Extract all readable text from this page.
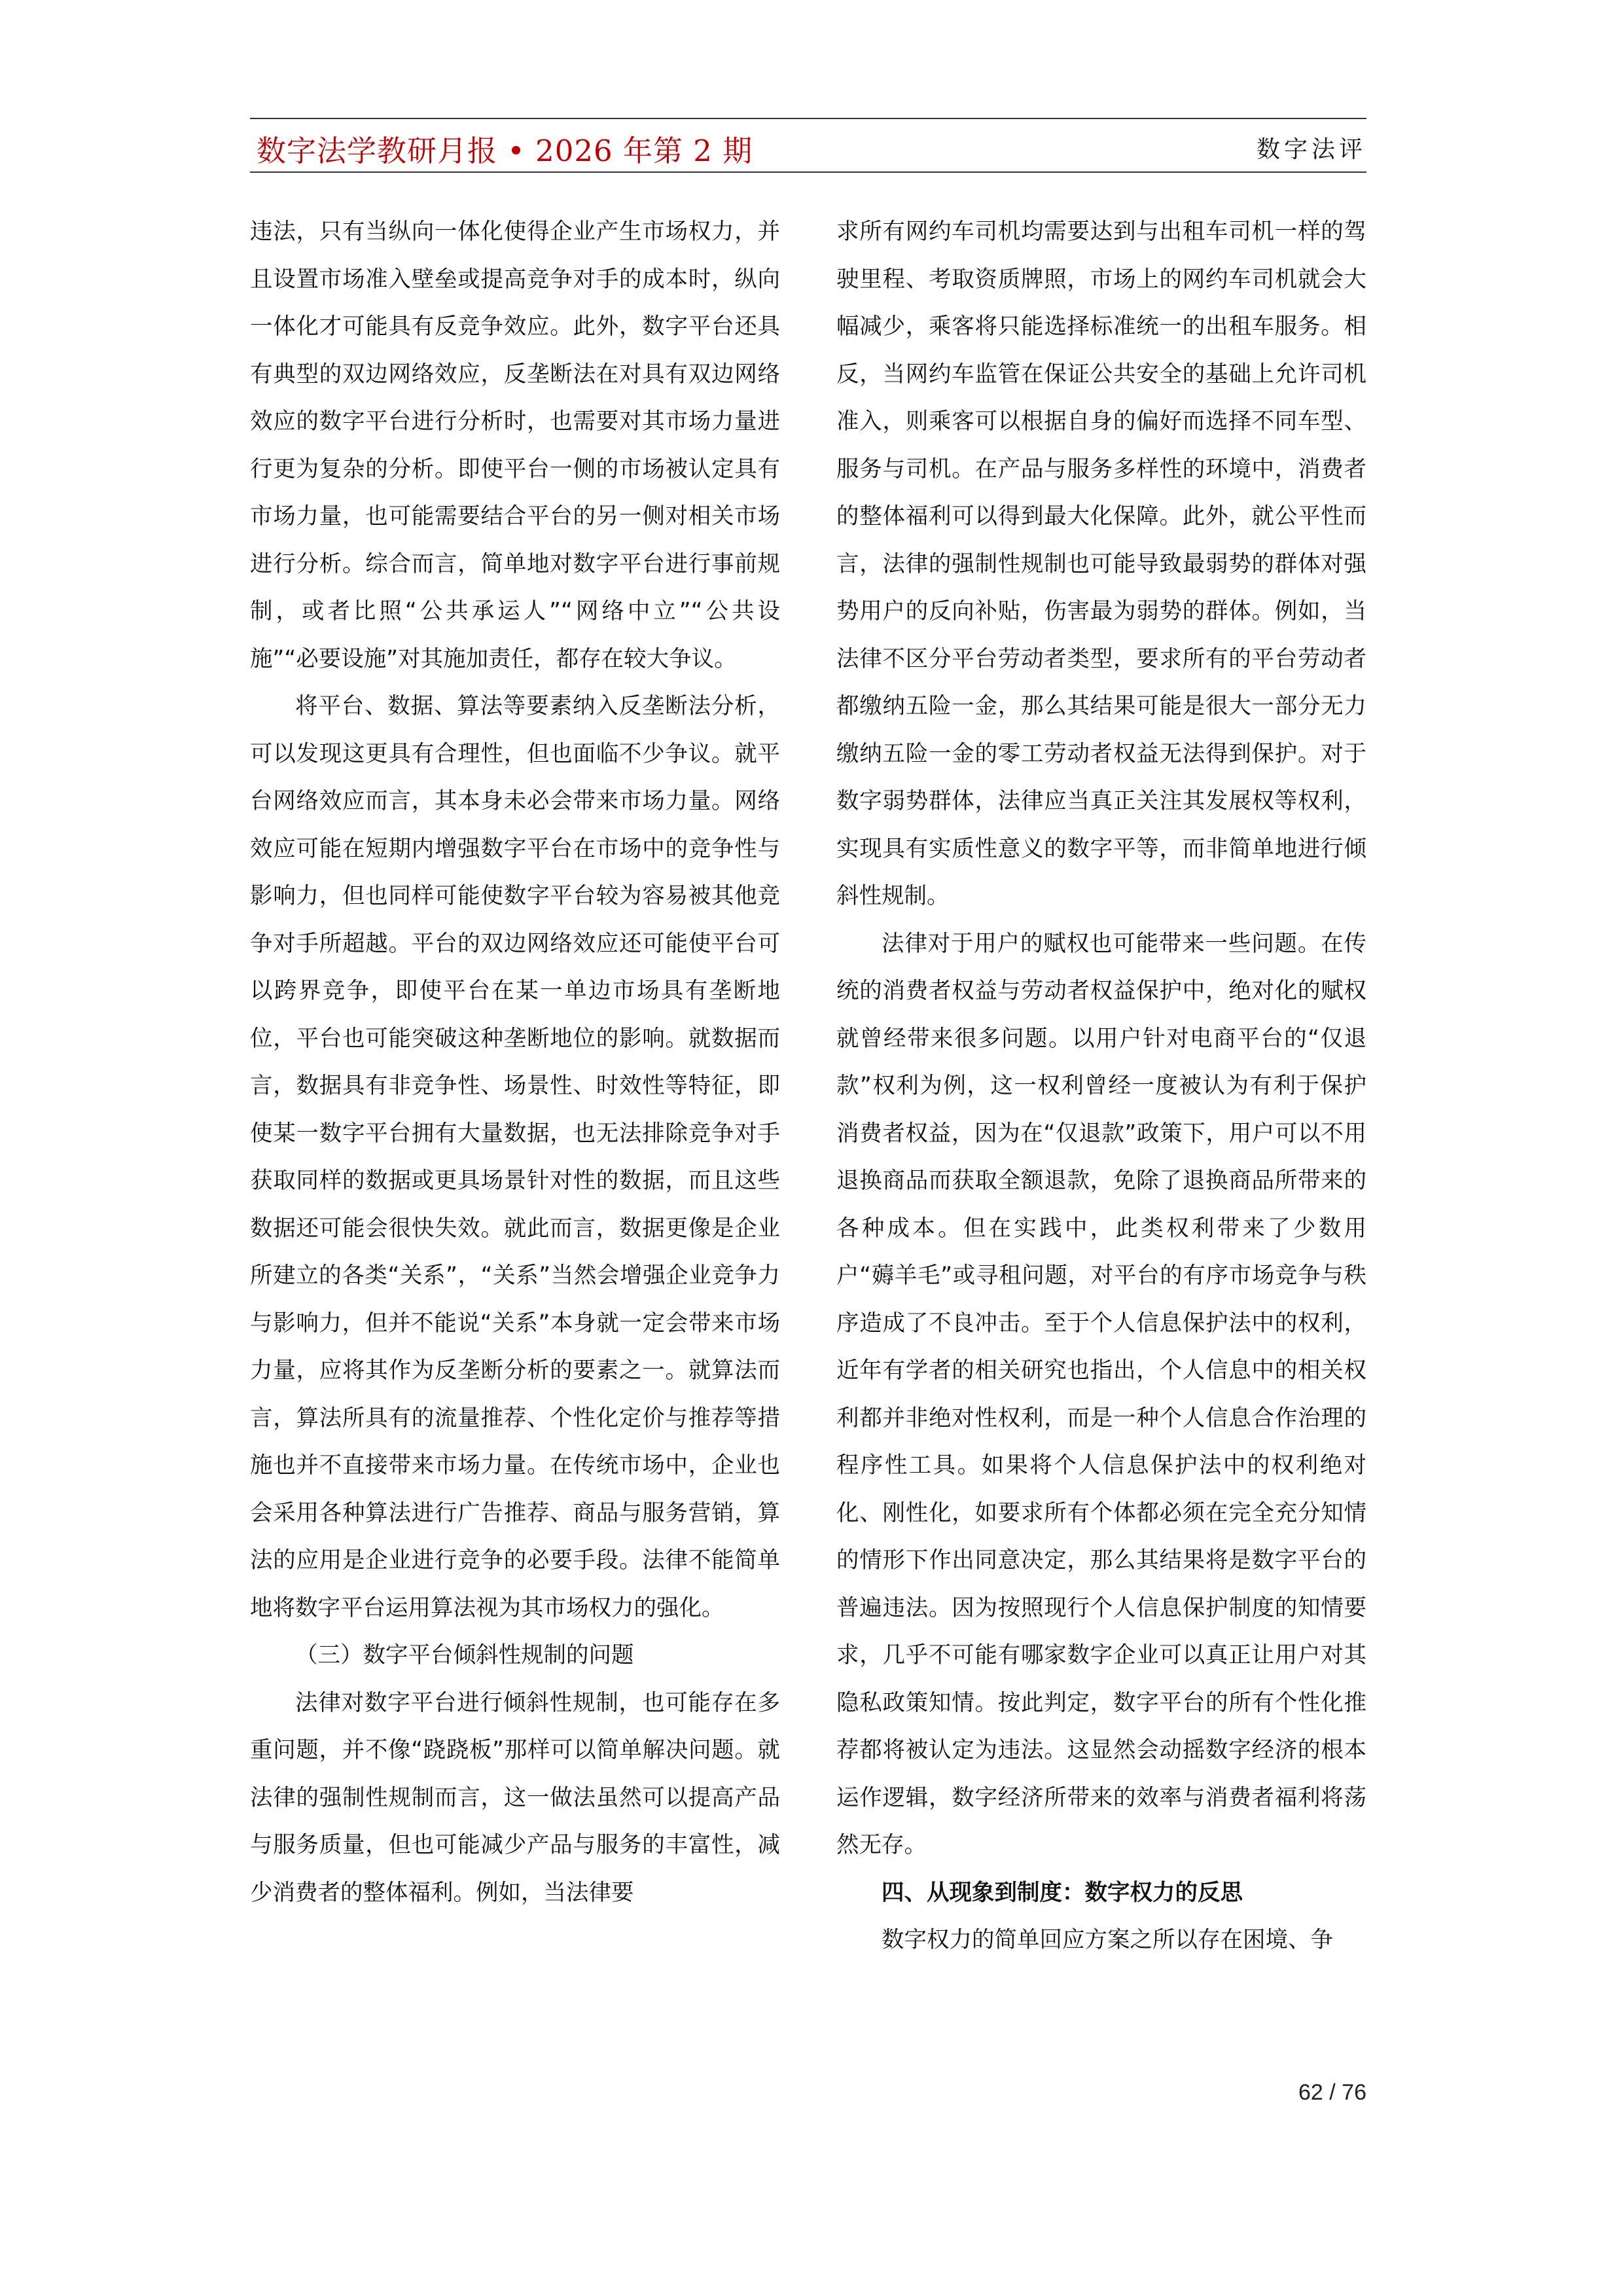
数字法学教研月报 • 2026 年第 2 期	数字法评

违法，只有当纵向一体化使得企业产生市场权力，并且设置市场准入壁垒或提高竞争对手的成本时，纵向一体化才可能具有反竞争效应。此外，数字平台还具有典型的双边网络效应，反垄断法在对具有双边网络效应的数字平台进行分析时，也需要对其市场力量进行更为复杂的分析。即使平台一侧的市场被认定具有市场力量，也可能需要结合平台的另一侧对相关市场进行分析。综合而言，简单地对数字平台进行事前规制，或者比照“公共承运人”“网络中立”“公共设施”“必要设施”对其施加责任，都存在较大争议。

将平台、数据、算法等要素纳入反垄断法分析，可以发现这更具有合理性，但也面临不少争议。就平台网络效应而言，其本身未必会带来市场力量。网络效应可能在短期内增强数字平台在市场中的竞争性与影响力，但也同样可能使数字平台较为容易被其他竞争对手所超越。平台的双边网络效应还可能使平台可以跨界竞争，即使平台在某一单边市场具有垄断地位，平台也可能突破这种垄断地位的影响。就数据而言，数据具有非竞争性、场景性、时效性等特征，即使某一数字平台拥有大量数据，也无法排除竞争对手获取同样的数据或更具场景针对性的数据，而且这些数据还可能会很快失效。就此而言，数据更像是企业所建立的各类“关系”，“关系”当然会增强企业竞争力与影响力，但并不能说“关系”本身就一定会带来市场力量，应将其作为反垄断分析的要素之一。就算法而言，算法所具有的流量推荐、个性化定价与推荐等措施也并不直接带来市场力量。在传统市场中，企业也会采用各种算法进行广告推荐、商品与服务营销，算法的应用是企业进行竞争的必要手段。法律不能简单地将数字平台运用算法视为其市场权力的强化。

（三）数字平台倾斜性规制的问题

法律对数字平台进行倾斜性规制，也可能存在多重问题，并不像“跷跷板”那样可以简单解决问题。就法律的强制性规制而言，这一做法虽然可以提高产品与服务质量，但也可能减少产品与服务的丰富性，减少消费者的整体福利。例如，当法律要

求所有网约车司机均需要达到与出租车司机一样的驾驶里程、考取资质牌照，市场上的网约车司机就会大幅减少，乘客将只能选择标准统一的出租车服务。相反，当网约车监管在保证公共安全的基础上允许司机准入，则乘客可以根据自身的偏好而选择不同车型、服务与司机。在产品与服务多样性的环境中，消费者的整体福利可以得到最大化保障。此外，就公平性而言，法律的强制性规制也可能导致最弱势的群体对强势用户的反向补贴，伤害最为弱势的群体。例如，当法律不区分平台劳动者类型，要求所有的平台劳动者都缴纳五险一金，那么其结果可能是很大一部分无力缴纳五险一金的零工劳动者权益无法得到保护。对于数字弱势群体，法律应当真正关注其发展权等权利，实现具有实质性意义的数字平等，而非简单地进行倾斜性规制。

法律对于用户的赋权也可能带来一些问题。在传统的消费者权益与劳动者权益保护中，绝对化的赋权就曾经带来很多问题。以用户针对电商平台的“仅退款”权利为例，这一权利曾经一度被认为有利于保护消费者权益，因为在“仅退款”政策下，用户可以不用退换商品而获取全额退款，免除了退换商品所带来的各种成本。但在实践中，此类权利带来了少数用户“薅羊毛”或寻租问题，对平台的有序市场竞争与秩序造成了不良冲击。至于个人信息保护法中的权利，近年有学者的相关研究也指出，个人信息中的相关权利都并非绝对性权利，而是一种个人信息合作治理的程序性工具。如果将个人信息保护法中的权利绝对化、刚性化，如要求所有个体都必须在完全充分知情的情形下作出同意决定，那么其结果将是数字平台的普遍违法。因为按照现行个人信息保护制度的知情要求，几乎不可能有哪家数字企业可以真正让用户对其隐私政策知情。按此判定，数字平台的所有个性化推荐都将被认定为违法。这显然会动摇数字经济的根本运作逻辑，数字经济所带来的效率与消费者福利将荡然无存。

四、从现象到制度：数字权力的反思

数字权力的简单回应方案之所以存在困境、争

62 / 76
